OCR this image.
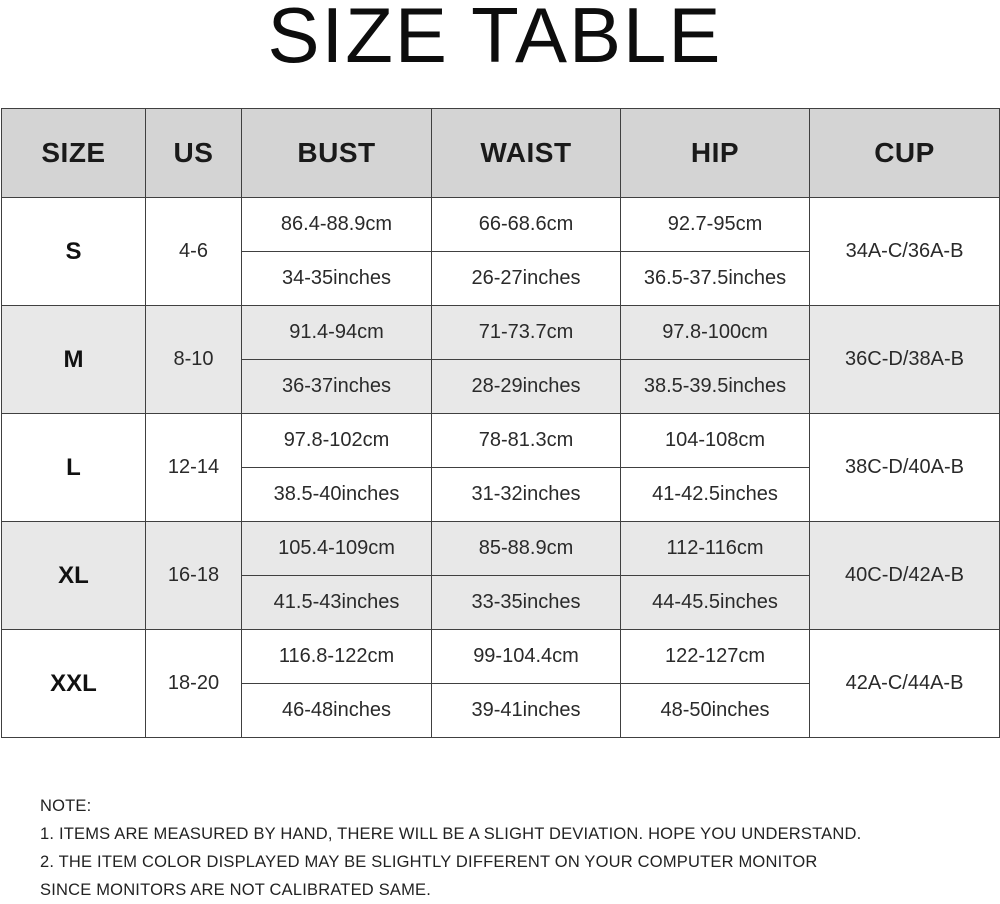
SIZE TABLE
SIZE	US	BUST	WAIST	HIP	CUP
S	4-6	86.4-88.9cm	66-68.6cm	92.7-95cm	34A-C/36A-B
		34-35inches	26-27inches	36.5-37.5inches	
M	8-10	91.4-94cm	71-73.7cm	97.8-100cm	36C-D/38A-B
		36-37inches	28-29inches	38.5-39.5inches	
L	12-14	97.8-102cm	78-81.3cm	104-108cm	38C-D/40A-B
		38.5-40inches	31-32inches	41-42.5inches	
XL	16-18	105.4-109cm	85-88.9cm	112-116cm	40C-D/42A-B
		41.5-43inches	33-35inches	44-45.5inches	
XXL	18-20	116.8-122cm	99-104.4cm	122-127cm	42A-C/44A-B
		46-48inches	39-41inches	48-50inches	
NOTE:
1. ITEMS ARE MEASURED BY HAND, THERE WILL BE A SLIGHT DEVIATION. HOPE YOU UNDERSTAND.
2. THE ITEM COLOR DISPLAYED MAY BE SLIGHTLY DIFFERENT ON YOUR COMPUTER MONITOR
SINCE MONITORS ARE NOT CALIBRATED SAME.
